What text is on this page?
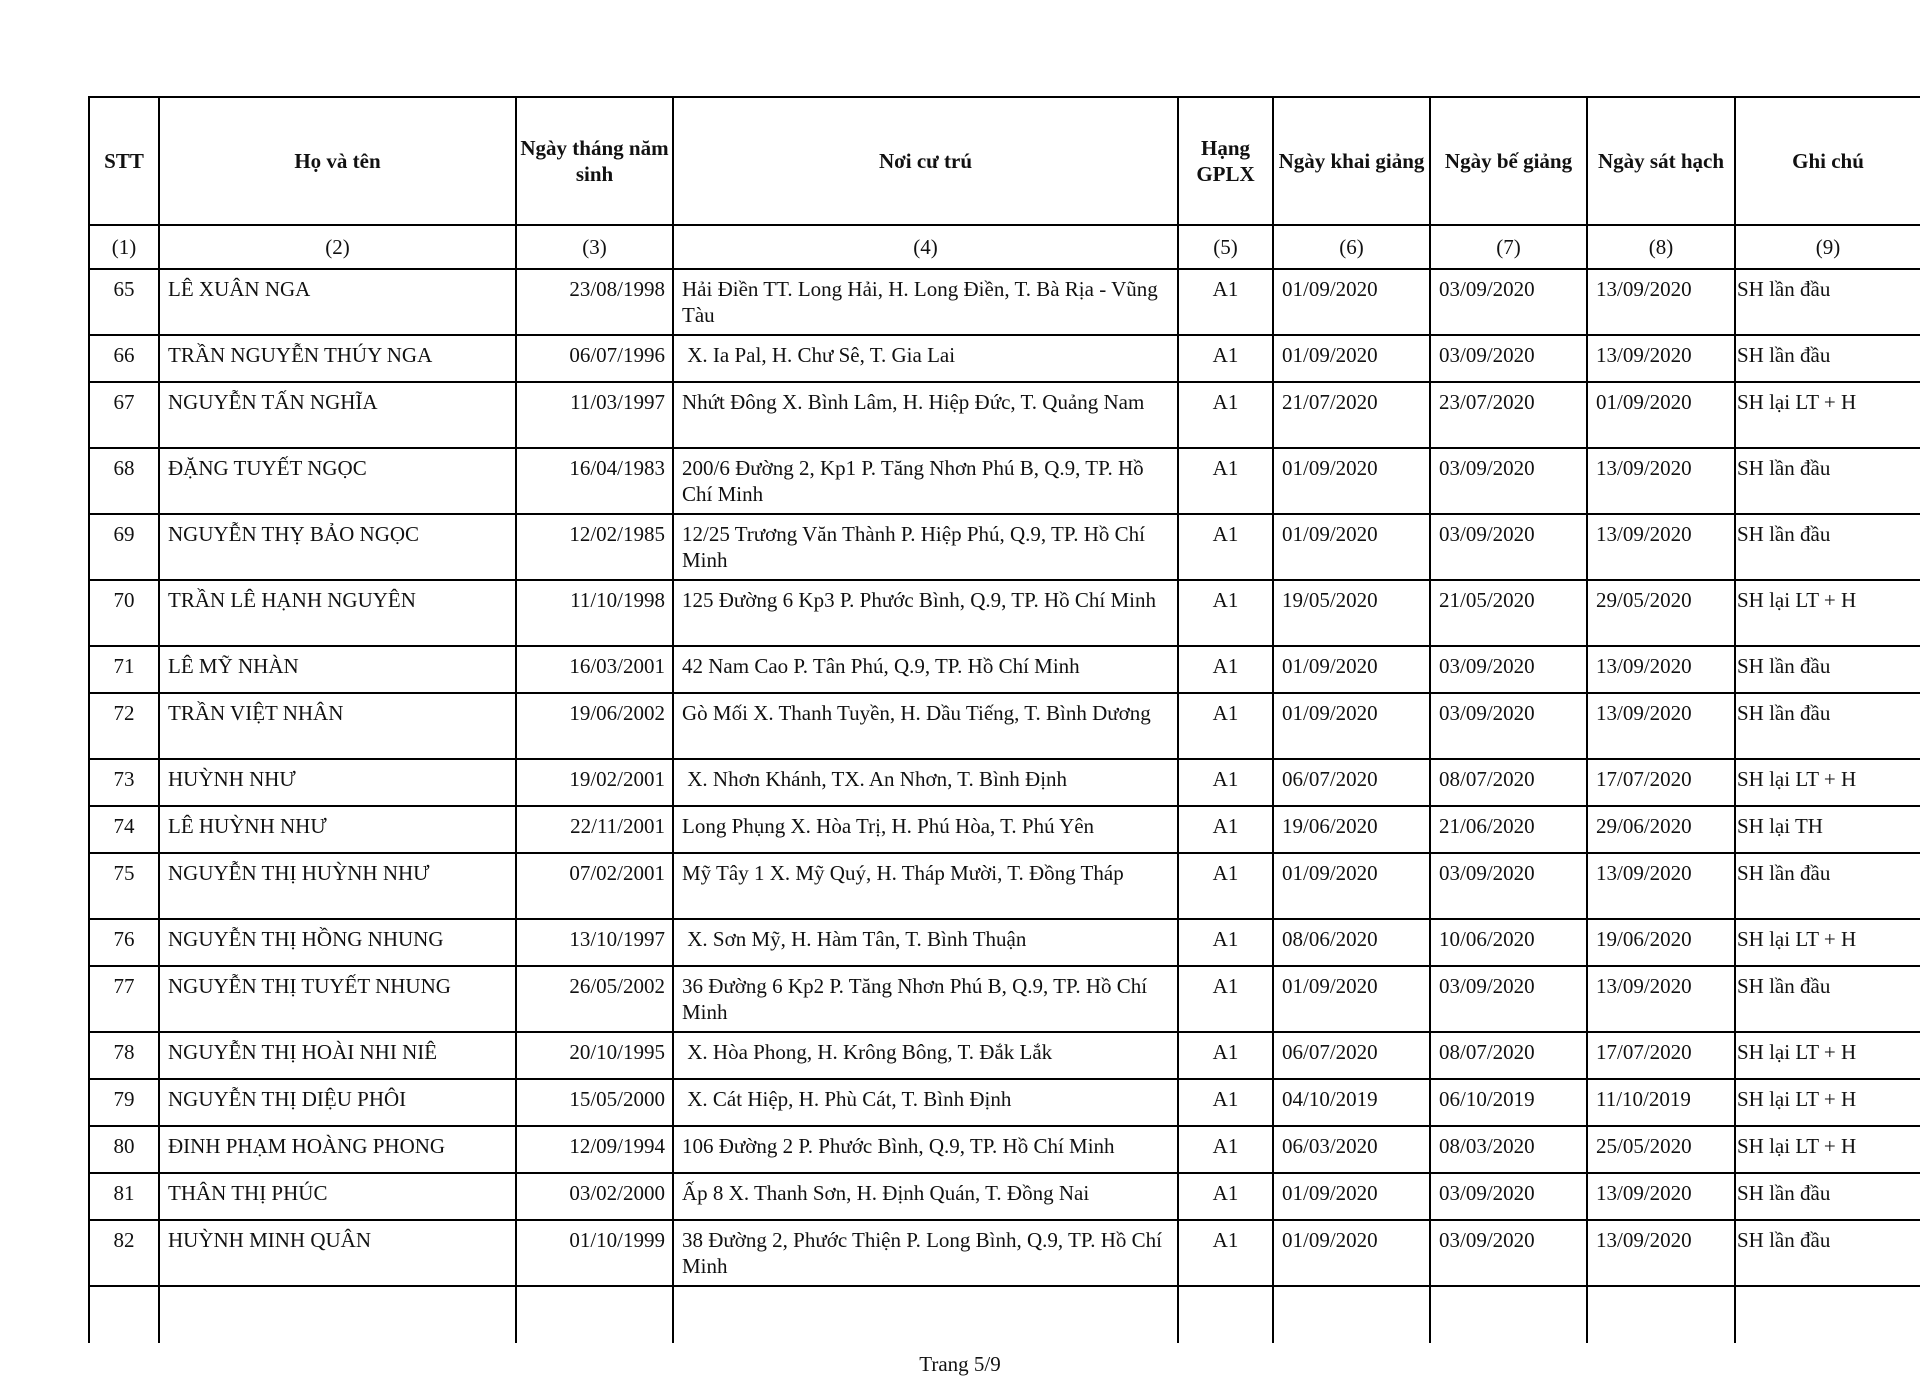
STT	Họ và tên	Ngày tháng năm sinh	Nơi cư trú	Hạng GPLX	Ngày khai giảng	Ngày bế giảng	Ngày sát hạch	Ghi chú
(1)	(2)	(3)	(4)	(5)	(6)	(7)	(8)	(9)

65	LÊ XUÂN NGA	23/08/1998	Hải Điền TT. Long Hải, H. Long Điền, T. Bà Rịa - Vũng Tàu	A1	01/09/2020	03/09/2020	13/09/2020	SH lần đầu

66	TRẦN NGUYỄN THÚY NGA	06/07/1996	X. Ia Pal, H. Chư Sê, T. Gia Lai	A1	01/09/2020	03/09/2020	13/09/2020	SH lần đầu

67	NGUYỄN TẤN NGHĨA	11/03/1997	Nhứt Đông X. Bình Lâm, H. Hiệp Đức, T. Quảng Nam	A1	21/07/2020	23/07/2020	01/09/2020	SH lại LT + H

68	ĐẶNG TUYẾT NGỌC	16/04/1983	200/6 Đường 2, Kp1 P. Tăng Nhơn Phú B, Q.9, TP. Hồ Chí Minh	A1	01/09/2020	03/09/2020	13/09/2020	SH lần đầu

69	NGUYỄN THỴ BẢO NGỌC	12/02/1985	12/25 Trương Văn Thành P. Hiệp Phú, Q.9, TP. Hồ Chí Minh	A1	01/09/2020	03/09/2020	13/09/2020	SH lần đầu

70	TRẦN LÊ HẠNH NGUYÊN	11/10/1998	125 Đường 6 Kp3 P. Phước Bình, Q.9, TP. Hồ Chí Minh	A1	19/05/2020	21/05/2020	29/05/2020	SH lại LT + H

71	LÊ MỸ NHÀN	16/03/2001	42 Nam Cao P. Tân Phú, Q.9, TP. Hồ Chí Minh	A1	01/09/2020	03/09/2020	13/09/2020	SH lần đầu

72	TRẦN VIỆT NHÂN	19/06/2002	Gò Mối X. Thanh Tuyền, H. Dầu Tiếng, T. Bình Dương	A1	01/09/2020	03/09/2020	13/09/2020	SH lần đầu

73	HUỲNH NHƯ	19/02/2001	X. Nhơn Khánh, TX. An Nhơn, T. Bình Định	A1	06/07/2020	08/07/2020	17/07/2020	SH lại LT + H

74	LÊ HUỲNH NHƯ	22/11/2001	Long Phụng X. Hòa Trị, H. Phú Hòa, T. Phú Yên	A1	19/06/2020	21/06/2020	29/06/2020	SH lại TH

75	NGUYỄN THỊ HUỲNH NHƯ	07/02/2001	Mỹ Tây 1 X. Mỹ Quý, H. Tháp Mười, T. Đồng Tháp	A1	01/09/2020	03/09/2020	13/09/2020	SH lần đầu

76	NGUYỄN THỊ HỒNG NHUNG	13/10/1997	X. Sơn Mỹ, H. Hàm Tân, T. Bình Thuận	A1	08/06/2020	10/06/2020	19/06/2020	SH lại LT + H

77	NGUYỄN THỊ TUYẾT NHUNG	26/05/2002	36 Đường 6 Kp2 P. Tăng Nhơn Phú B, Q.9, TP. Hồ Chí Minh	A1	01/09/2020	03/09/2020	13/09/2020	SH lần đầu

78	NGUYỄN THỊ HOÀI NHI NIÊ	20/10/1995	X. Hòa Phong, H. Krông Bông, T. Đắk Lắk	A1	06/07/2020	08/07/2020	17/07/2020	SH lại LT + H

79	NGUYỄN THỊ DIỆU PHÔI	15/05/2000	X. Cát Hiệp, H. Phù Cát, T. Bình Định	A1	04/10/2019	06/10/2019	11/10/2019	SH lại LT + H

80	ĐINH PHẠM HOÀNG PHONG	12/09/1994	106 Đường 2 P. Phước Bình, Q.9, TP. Hồ Chí Minh	A1	06/03/2020	08/03/2020	25/05/2020	SH lại LT + H

81	THÂN THỊ PHÚC	03/02/2000	Ấp 8 X. Thanh Sơn, H. Định Quán, T. Đồng Nai	A1	01/09/2020	03/09/2020	13/09/2020	SH lần đầu

82	HUỲNH MINH QUÂN	01/10/1999	38 Đường 2, Phước Thiện P. Long Bình, Q.9, TP. Hồ Chí Minh	A1	01/09/2020	03/09/2020	13/09/2020	SH lần đầu

Trang 5/9
